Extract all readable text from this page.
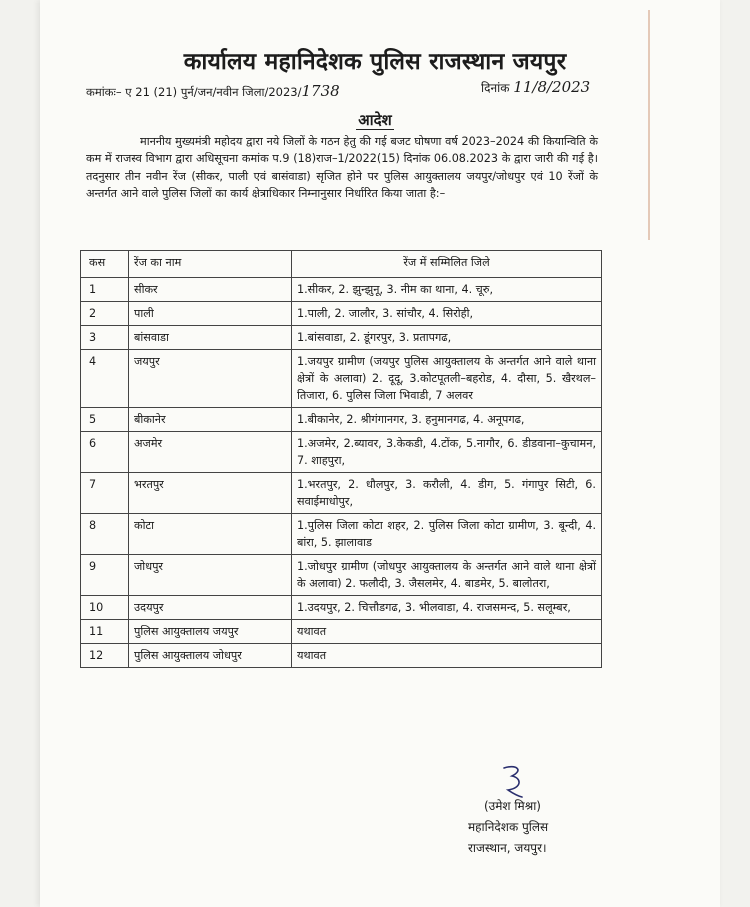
कार्यालय महानिदेशक पुलिस राजस्थान जयपुर
कमांकः– ए 21 (21) पुर्न/जन/नवीन जिला/2023/1738	दिनांक 11/8/2023
आदेश
माननीय मुख्यमंत्री महोदय द्वारा नये जिलों के गठन हेतु की गई बजट घोषणा वर्ष 2023–2024 की कियान्विति के कम में राजस्व विभाग द्वारा अधिसूचना कमांक प.9 (18)राज–1/2022(15) दिनांक 06.08.2023 के द्वारा जारी की गई है। तदनुसार तीन नवीन रेंज (सीकर, पाली एवं बासंवाडा) सृजित होने पर पुलिस आयुक्तालय जयपुर/जोधपुर एवं 10 रेंजों के अन्तर्गत आने वाले पुलिस जिलों का कार्य क्षेत्राधिकार निम्नानुसार निर्धारित किया जाता है:–
कस	रेंज का नाम	रेंज में सम्मिलित जिले
1	सीकर	1.सीकर, 2. झुन्झुनू, 3. नीम का थाना, 4. चूरु,
2	पाली	1.पाली, 2. जालौर, 3. सांचौर, 4. सिरोही,
3	बांसवाडा	1.बांसवाडा, 2. डूंगरपुर, 3. प्रतापगढ,
4	जयपुर	1.जयपुर ग्रामीण (जयपुर पुलिस आयुक्तालय के अन्तर्गत आने वाले थाना क्षेत्रों के अलावा) 2. दूदू, 3.कोटपूतली–बहरोड, 4. दौसा, 5. खैरथल–तिजारा, 6. पुलिस जिला भिवाडी, 7 अलवर
5	बीकानेर	1.बीकानेर, 2. श्रीगंगानगर, 3. हनुमानगढ, 4. अनूपगढ,
6	अजमेर	1.अजमेर, 2.ब्यावर, 3.केकडी, 4.टोंक, 5.नागौर, 6. डीडवाना–कुचामन, 7. शाहपुरा,
7	भरतपुर	1.भरतपुर, 2. धौलपुर, 3. करौली, 4. डीग, 5. गंगापुर सिटी, 6. सवाईमाधोपुर,
8	कोटा	1.पुलिस जिला कोटा शहर, 2. पुलिस जिला कोटा ग्रामीण, 3. बून्दी, 4. बांरा, 5. झालावाड
9	जोधपुर	1.जोधपुर ग्रामीण (जोधपुर आयुक्तालय के अन्तर्गत आने वाले थाना क्षेत्रों के अलावा) 2. फलौदी, 3. जैसलमेर, 4. बाडमेर, 5. बालोतरा,
10	उदयपुर	1.उदयपुर, 2. चित्तौडगढ, 3. भीलवाडा, 4. राजसमन्द, 5. सलूम्बर,
11	पुलिस आयुक्तालय जयपुर	यथावत
12	पुलिस आयुक्तालय जोधपुर	यथावत
(उमेश मिश्रा)
महानिदेशक पुलिस
राजस्थान, जयपुर।
